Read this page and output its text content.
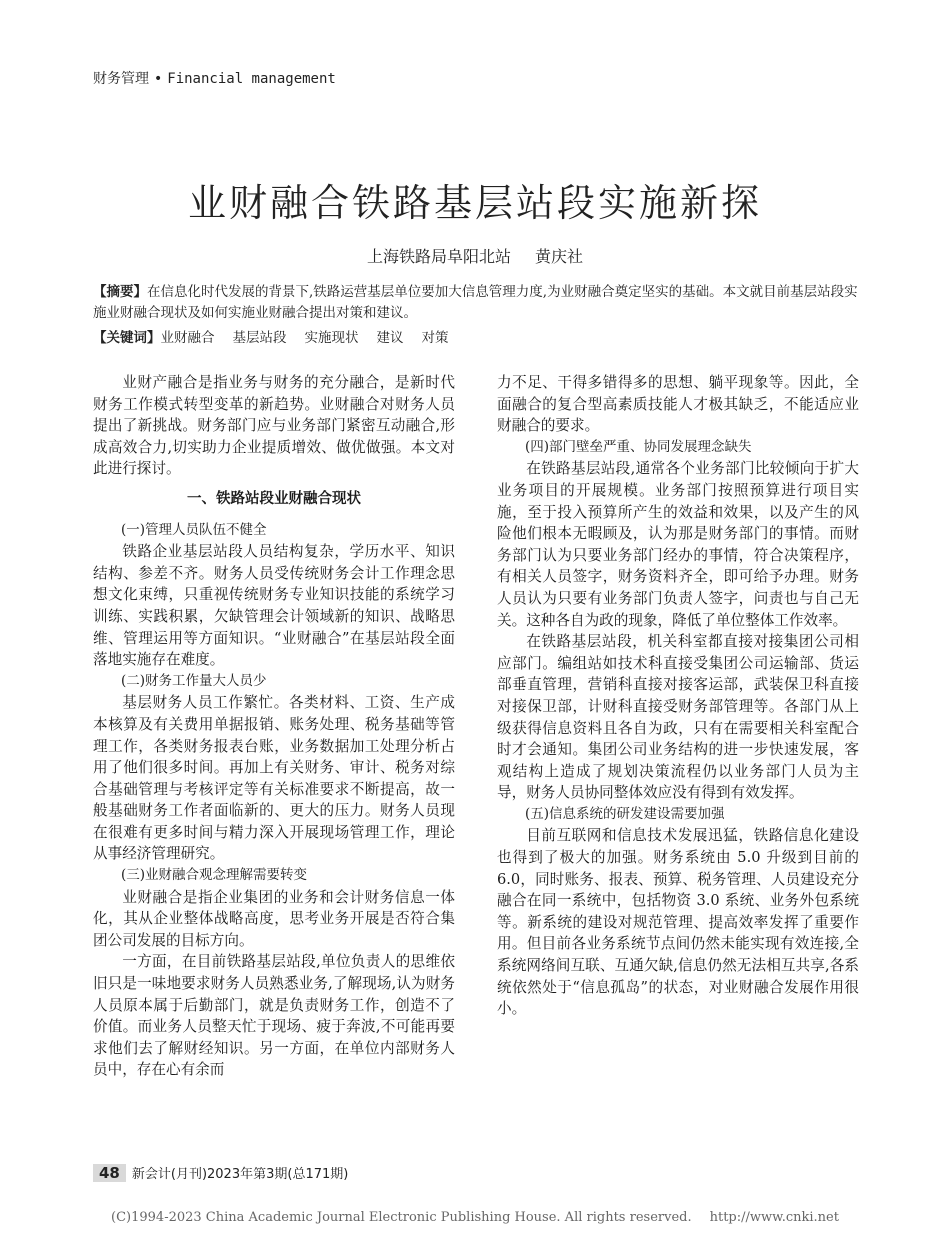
财务管理 • Financial management
业财融合铁路基层站段实施新探
上海铁路局阜阳北站 黄庆社
【摘要】在信息化时代发展的背景下,铁路运营基层单位要加大信息管理力度,为业财融合奠定坚实的基础。本文就目前基层站段实施业财融合现状及如何实施业财融合提出对策和建议。
【关键词】业财融合 基层站段 实施现状 建议 对策

业财产融合是指业务与财务的充分融合，是新时代财务工作模式转型变革的新趋势。业财融合对财务人员提出了新挑战。财务部门应与业务部门紧密互动融合,形成高效合力,切实助力企业提质增效、做优做强。本文对此进行探讨。

一、铁路站段业财融合现状
(一)管理人员队伍不健全

铁路企业基层站段人员结构复杂，学历水平、知识结构、参差不齐。财务人员受传统财务会计工作理念思想文化束缚，只重视传统财务专业知识技能的系统学习训练、实践积累，欠缺管理会计领域新的知识、战略思维、管理运用等方面知识。“业财融合”在基层站段全面落地实施存在难度。

(二)财务工作量大人员少

基层财务人员工作繁忙。各类材料、工资、生产成本核算及有关费用单据报销、账务处理、税务基础等管理工作，各类财务报表台账，业务数据加工处理分析占用了他们很多时间。再加上有关财务、审计、税务对综合基础管理与考核评定等有关标准要求不断提高，故一般基础财务工作者面临新的、更大的压力。财务人员现在很难有更多时间与精力深入开展现场管理工作，理论从事经济管理研究。

(三)业财融合观念理解需要转变

业财融合是指企业集团的业务和会计财务信息一体化，其从企业整体战略高度，思考业务开展是否符合集团公司发展的目标方向。

一方面，在目前铁路基层站段,单位负责人的思维依旧只是一味地要求财务人员熟悉业务,了解现场,认为财务人员原本属于后勤部门，就是负责财务工作，创造不了价值。而业务人员整天忙于现场、疲于奔波,不可能再要求他们去了解财经知识。另一方面，在单位内部财务人员中，存在心有余而

力不足、干得多错得多的思想、躺平现象等。因此，全面融合的复合型高素质技能人才极其缺乏，不能适应业财融合的要求。

(四)部门壁垒严重、协同发展理念缺失

在铁路基层站段,通常各个业务部门比较倾向于扩大业务项目的开展规模。业务部门按照预算进行项目实施，至于投入预算所产生的效益和效果，以及产生的风险他们根本无暇顾及，认为那是财务部门的事情。而财务部门认为只要业务部门经办的事情，符合决策程序，有相关人员签字，财务资料齐全，即可给予办理。财务人员认为只要有业务部门负责人签字，问责也与自己无关。这种各自为政的现象，降低了单位整体工作效率。

在铁路基层站段，机关科室都直接对接集团公司相应部门。编组站如技术科直接受集团公司运输部、货运部垂直管理，营销科直接对接客运部，武装保卫科直接对接保卫部，计财科直接受财务部管理等。各部门从上级获得信息资料且各自为政，只有在需要相关科室配合时才会通知。集团公司业务结构的进一步快速发展，客观结构上造成了规划决策流程仍以业务部门人员为主导，财务人员协同整体效应没有得到有效发挥。

(五)信息系统的研发建设需要加强

目前互联网和信息技术发展迅猛，铁路信息化建设也得到了极大的加强。财务系统由 5.0 升级到目前的 6.0，同时账务、报表、预算、税务管理、人员建设充分融合在同一系统中，包括物资 3.0 系统、业务外包系统等。新系统的建设对规范管理、提高效率发挥了重要作用。但目前各业务系统节点间仍然未能实现有效连接,全系统网络间互联、互通欠缺,信息仍然无法相互共享,各系统依然处于“信息孤岛”的状态，对业财融合发展作用很小。

48 新会计(月刊)2023年第3期(总171期)
(C)1994-2023 China Academic Journal Electronic Publishing House. All rights reserved. http://www.cnki.net
